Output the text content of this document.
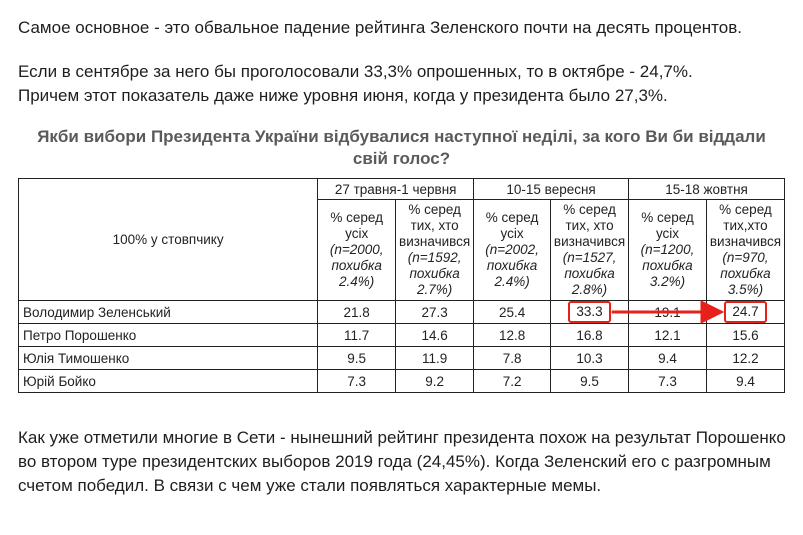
Самое основное - это обвальное падение рейтинга Зеленского почти на десять процентов.

Если в сентябре за него бы проголосовали 33,3% опрошенных, то в октябре - 24,7%.
Причем этот показатель даже ниже уровня июня, когда у президента было 27,3%.

Якби вибори Президента України відбувалися наступної неділі, за кого Ви би віддали
свій голос?
100% у стовпчику	27 травня-1 червня		10-15 вересня		15-18 жовтня	

	% серед усіх
(n=2000, похибка 2.4%)	% серед тих, хто визначився
(n=1592, похибка 2.7%)	% серед усіх
(n=2002, похибка 2.4%)	% серед тих, хто визначився
(n=1527, похибка 2.8%)	% серед усіх
(n=1200, похибка 3.2%)	% серед тих,хто визначився
(n=970, похибка 3.5%)

Володимир Зеленський	21.8	27.3	25.4	33.3	19.1	24.7
Петро Порошенко	11.7	14.6	12.8	16.8	12.1	15.6
Юлія Тимошенко	9.5	11.9	7.8	10.3	9.4	12.2
Юрій Бойко	7.3	9.2	7.2	9.5	7.3	9.4

Как уже отметили многие в Сети - нынешний рейтинг президента похож на результат Порошенко во втором туре президентских выборов 2019 года (24,45%). Когда Зеленский его с разгромным счетом победил. В связи с чем уже стали появляться характерные мемы.
